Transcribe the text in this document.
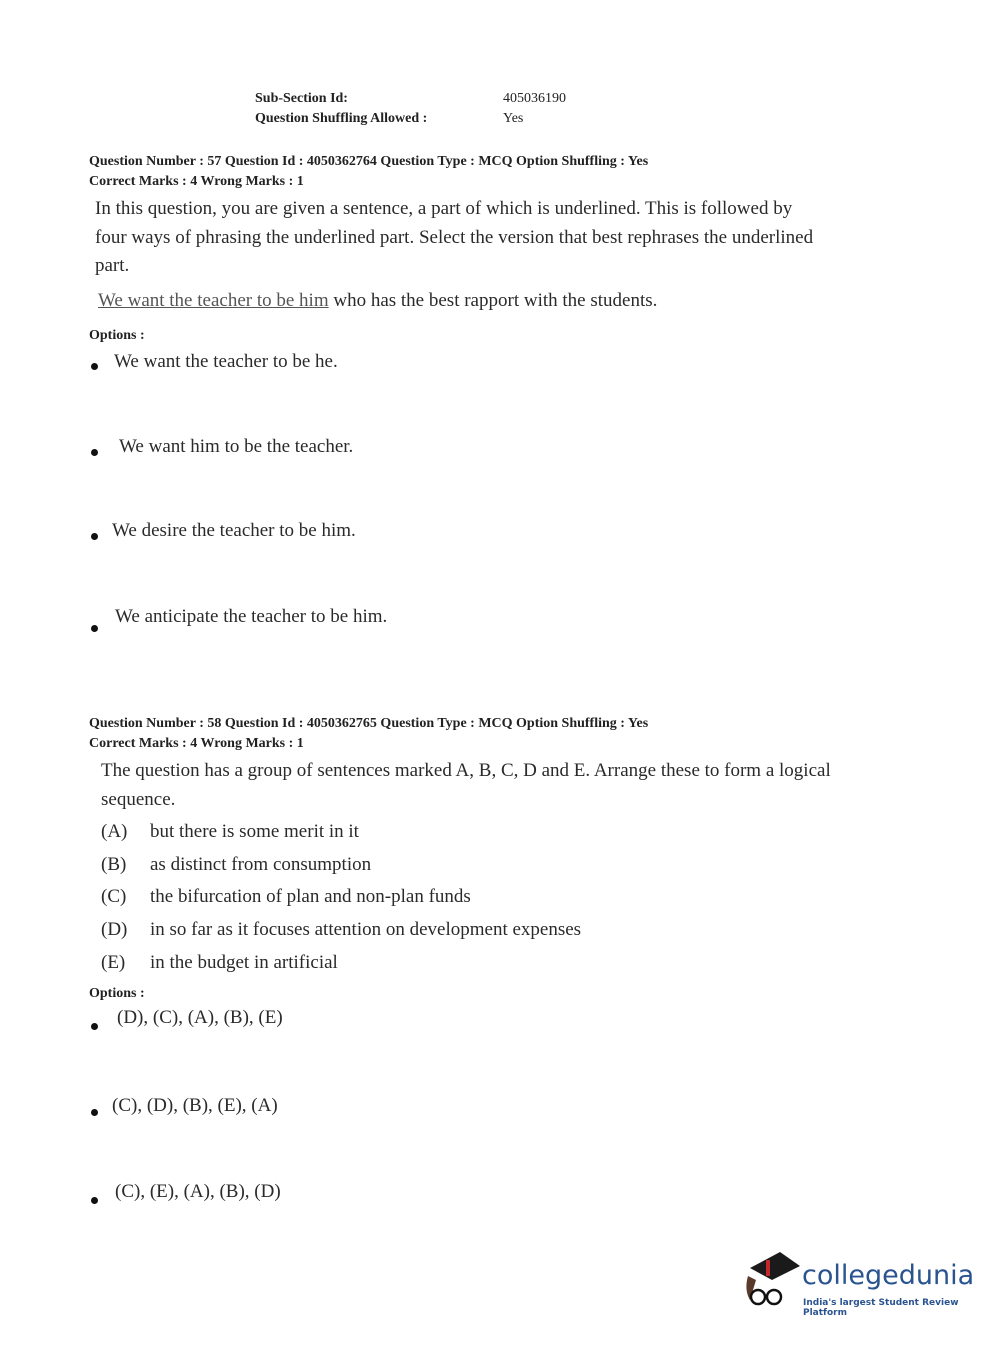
Sub-Section Id:	405036190
Question Shuffling Allowed :	Yes
Question Number : 57 Question Id : 4050362764 Question Type : MCQ Option Shuffling : Yes
Correct Marks : 4 Wrong Marks : 1
In this question, you are given a sentence, a part of which is underlined. This is followed by
four ways of phrasing the underlined part. Select the version that best rephrases the underlined
part.
We want the teacher to be him who has the best rapport with the students.
Options :
We want the teacher to be he.
We want him to be the teacher.
We desire the teacher to be him.
We anticipate the teacher to be him.
Question Number : 58 Question Id : 4050362765 Question Type : MCQ Option Shuffling : Yes
Correct Marks : 4 Wrong Marks : 1
The question has a group of sentences marked A, B, C, D and E. Arrange these to form a logical
sequence.
(A) but there is some merit in it
(B) as distinct from consumption
(C) the bifurcation of plan and non-plan funds
(D) in so far as it focuses attention on development expenses
(E) in the budget in artificial
Options :
(D), (C), (A), (B), (E)
(C), (D), (B), (E), (A)
(C), (E), (A), (B), (D)
collegedunia
India's largest Student Review Platform
